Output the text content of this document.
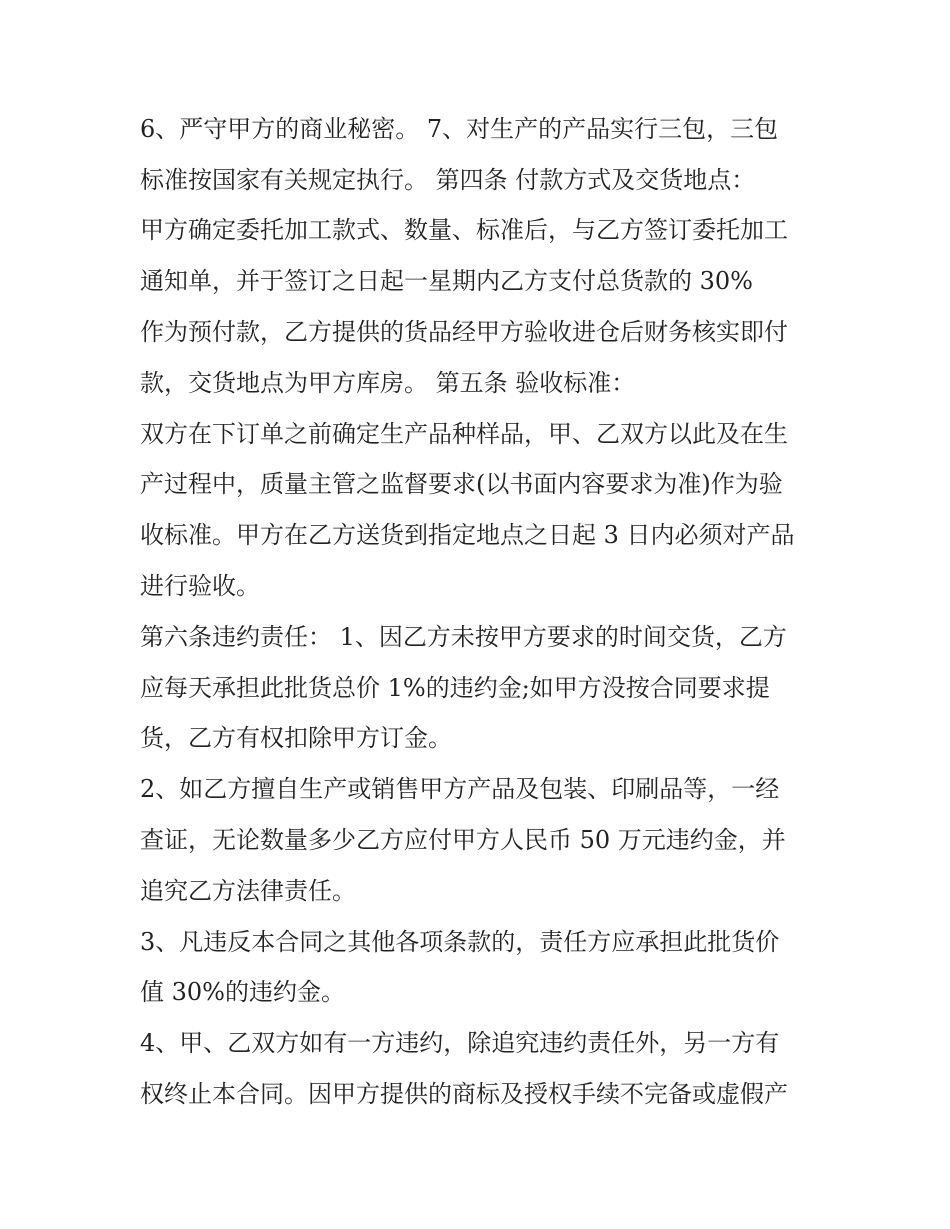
6、严守甲方的商业秘密。 7、对生产的产品实行三包，三包
标准按国家有关规定执行。 第四条 付款方式及交货地点：
甲方确定委托加工款式、数量、标准后，与乙方签订委托加工
通知单，并于签订之日起一星期内乙方支付总货款的 30%
作为预付款，乙方提供的货品经甲方验收进仓后财务核实即付
款，交货地点为甲方库房。 第五条 验收标准：
双方在下订单之前确定生产品种样品，甲、乙双方以此及在生
产过程中，质量主管之监督要求(以书面内容要求为准)作为验
收标准。甲方在乙方送货到指定地点之日起 3 日内必须对产品
进行验收。
第六条违约责任： 1、因乙方未按甲方要求的时间交货，乙方
应每天承担此批货总价 1%的违约金;如甲方没按合同要求提
货，乙方有权扣除甲方订金。
2、如乙方擅自生产或销售甲方产品及包装、印刷品等，一经
查证，无论数量多少乙方应付甲方人民币 50 万元违约金，并
追究乙方法律责任。
3、凡违反本合同之其他各项条款的，责任方应承担此批货价
值 30%的违约金。
4、甲、乙双方如有一方违约，除追究违约责任外，另一方有
权终止本合同。因甲方提供的商标及授权手续不完备或虚假产
